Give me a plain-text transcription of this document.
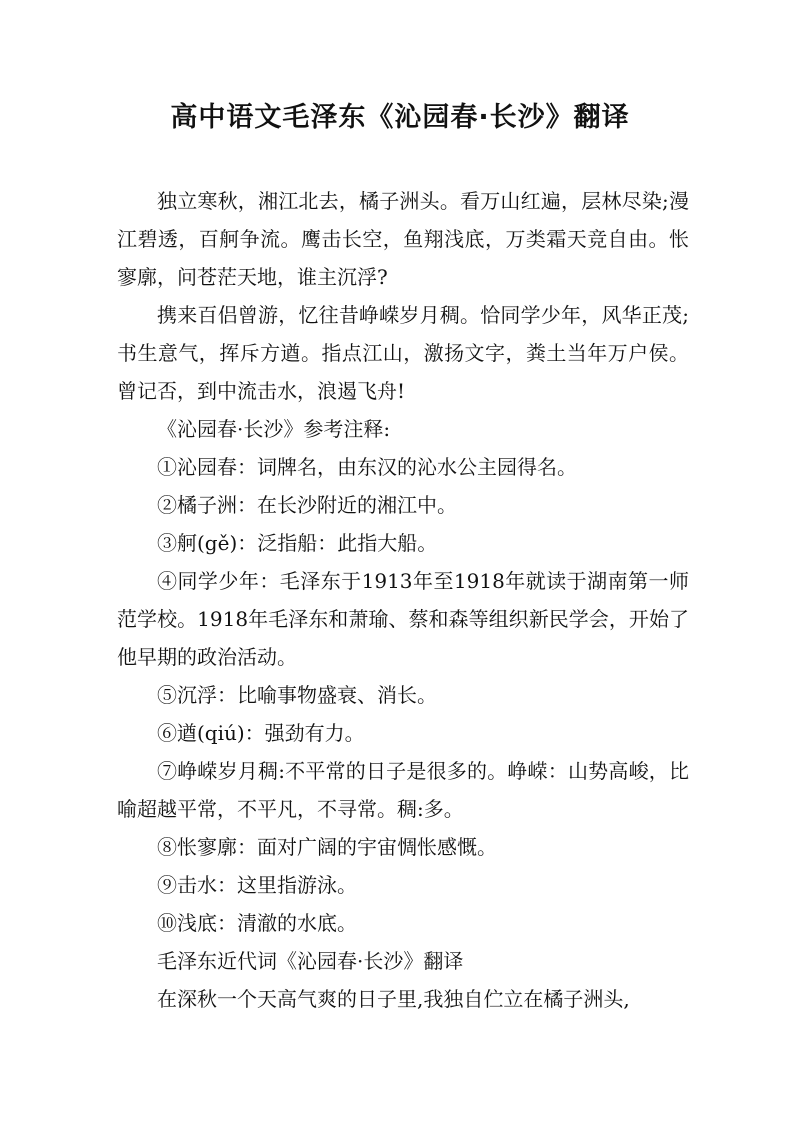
高中语文毛泽东《沁园春·长沙》翻译

独立寒秋，湘江北去，橘子洲头。看万山红遍，层林尽染;漫江碧透，百舸争流。鹰击长空，鱼翔浅底，万类霜天竞自由。怅寥廓，问苍茫天地，谁主沉浮?

携来百侣曾游，忆往昔峥嵘岁月稠。恰同学少年，风华正茂;书生意气，挥斥方遒。指点江山，激扬文字，粪土当年万户侯。曾记否，到中流击水，浪遏飞舟!

《沁园春·长沙》参考注释:

①沁园春：词牌名，由东汉的沁水公主园得名。

②橘子洲：在长沙附近的湘江中。

③舸(gě)：泛指船：此指大船。

④同学少年：毛泽东于1913年至1918年就读于湖南第一师范学校。1918年毛泽东和萧瑜、蔡和森等组织新民学会，开始了他早期的政治活动。

⑤沉浮：比喻事物盛衰、消长。

⑥遒(qiú)：强劲有力。

⑦峥嵘岁月稠:不平常的日子是很多的。峥嵘：山势高峻，比喻超越平常，不平凡，不寻常。稠:多。

⑧怅寥廓：面对广阔的宇宙惆怅感慨。

⑨击水：这里指游泳。

⑩浅底：清澈的水底。

毛泽东近代词《沁园春·长沙》翻译

在深秋一个天高气爽的日子里,我独自伫立在橘子洲头,
